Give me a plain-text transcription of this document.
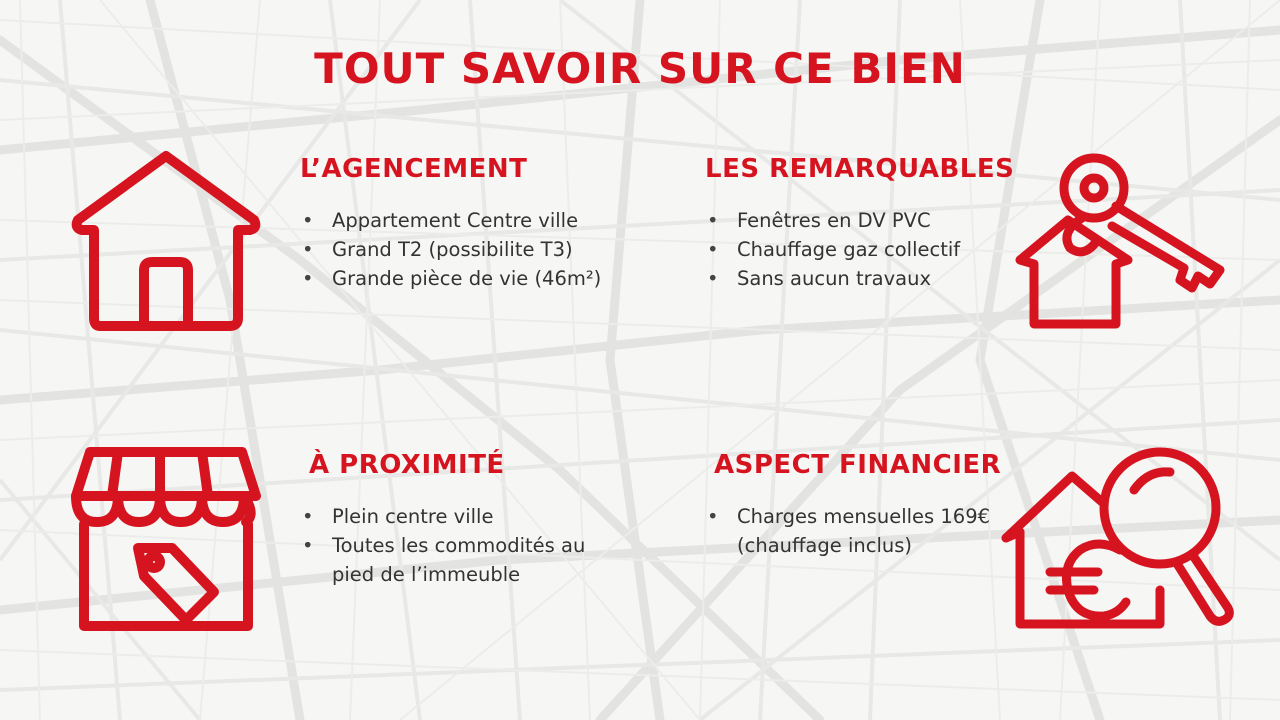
TOUT SAVOIR SUR CE BIEN
L’AGENCEMENT
• Appartement Centre ville
• Grand T2 (possibilite T3)
• Grande pièce de vie (46m²)
LES REMARQUABLES
• Fenêtres en DV PVC
• Chauffage gaz collectif
• Sans aucun travaux
À PROXIMITÉ
• Plein centre ville
• Toutes les commodités au pied de l’immeuble
ASPECT FINANCIER
• Charges mensuelles 169€ (chauffage inclus)
